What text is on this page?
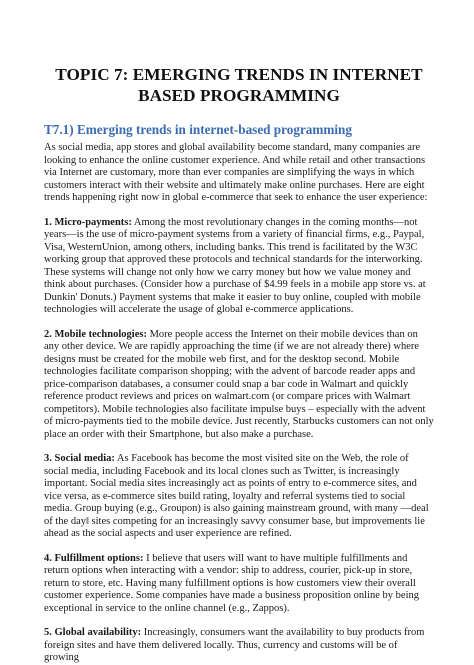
TOPIC 7: EMERGING TRENDS IN INTERNET
BASED PROGRAMMING
T7.1) Emerging trends in internet-based programming

As social media, app stores and global availability become standard, many companies are looking to enhance the online customer experience. And while retail and other transactions via Internet are customary, more than ever companies are simplifying the ways in which customers interact with their website and ultimately make online purchases. Here are eight trends happening right now in global e-commerce that seek to enhance the user experience:

1. Micro-payments: Among the most revolutionary changes in the coming months—not years—is the use of micro-payment systems from a variety of financial firms, e.g., Paypal, Visa, WesternUnion, among others, including banks. This trend is facilitated by the W3C working group that approved these protocols and technical standards for the interworking. These systems will change not only how we carry money but how we value money and think about purchases. (Consider how a purchase of $4.99 feels in a mobile app store vs. at Dunkin' Donuts.) Payment systems that make it easier to buy online, coupled with mobile technologies will accelerate the usage of global e-commerce applications.

2. Mobile technologies: More people access the Internet on their mobile devices than on any other device. We are rapidly approaching the time (if we are not already there) where designs must be created for the mobile web first, and for the desktop second. Mobile technologies facilitate comparison shopping; with the advent of barcode reader apps and price-comparison databases, a consumer could snap a bar code in Walmart and quickly reference product reviews and prices on walmart.com (or compare prices with Walmart competitors). Mobile technologies also facilitate impulse buys – especially with the advent of micro-payments tied to the mobile device. Just recently, Starbucks customers can not only place an order with their Smartphone, but also make a purchase.

3. Social media: As Facebook has become the most visited site on the Web, the role of social media, including Facebook and its local clones such as Twitter, is increasingly important. Social media sites increasingly act as points of entry to e-commerce sites, and vice versa, as e-commerce sites build rating, loyalty and referral systems tied to social media. Group buying (e.g., Groupon) is also gaining mainstream ground, with many —deal of the day‖ sites competing for an increasingly savvy consumer base, but improvements lie ahead as the social aspects and user experience are refined.

4. Fulfillment options: I believe that users will want to have multiple fulfillments and return options when interacting with a vendor: ship to address, courier, pick-up in store, return to store, etc. Having many fulfillment options is how customers view their overall customer experience. Some companies have made a business proposition online by being exceptional in service to the online channel (e.g., Zappos).

5. Global availability: Increasingly, consumers want the availability to buy products from foreign sites and have them delivered locally. Thus, currency and customs will be of growing
